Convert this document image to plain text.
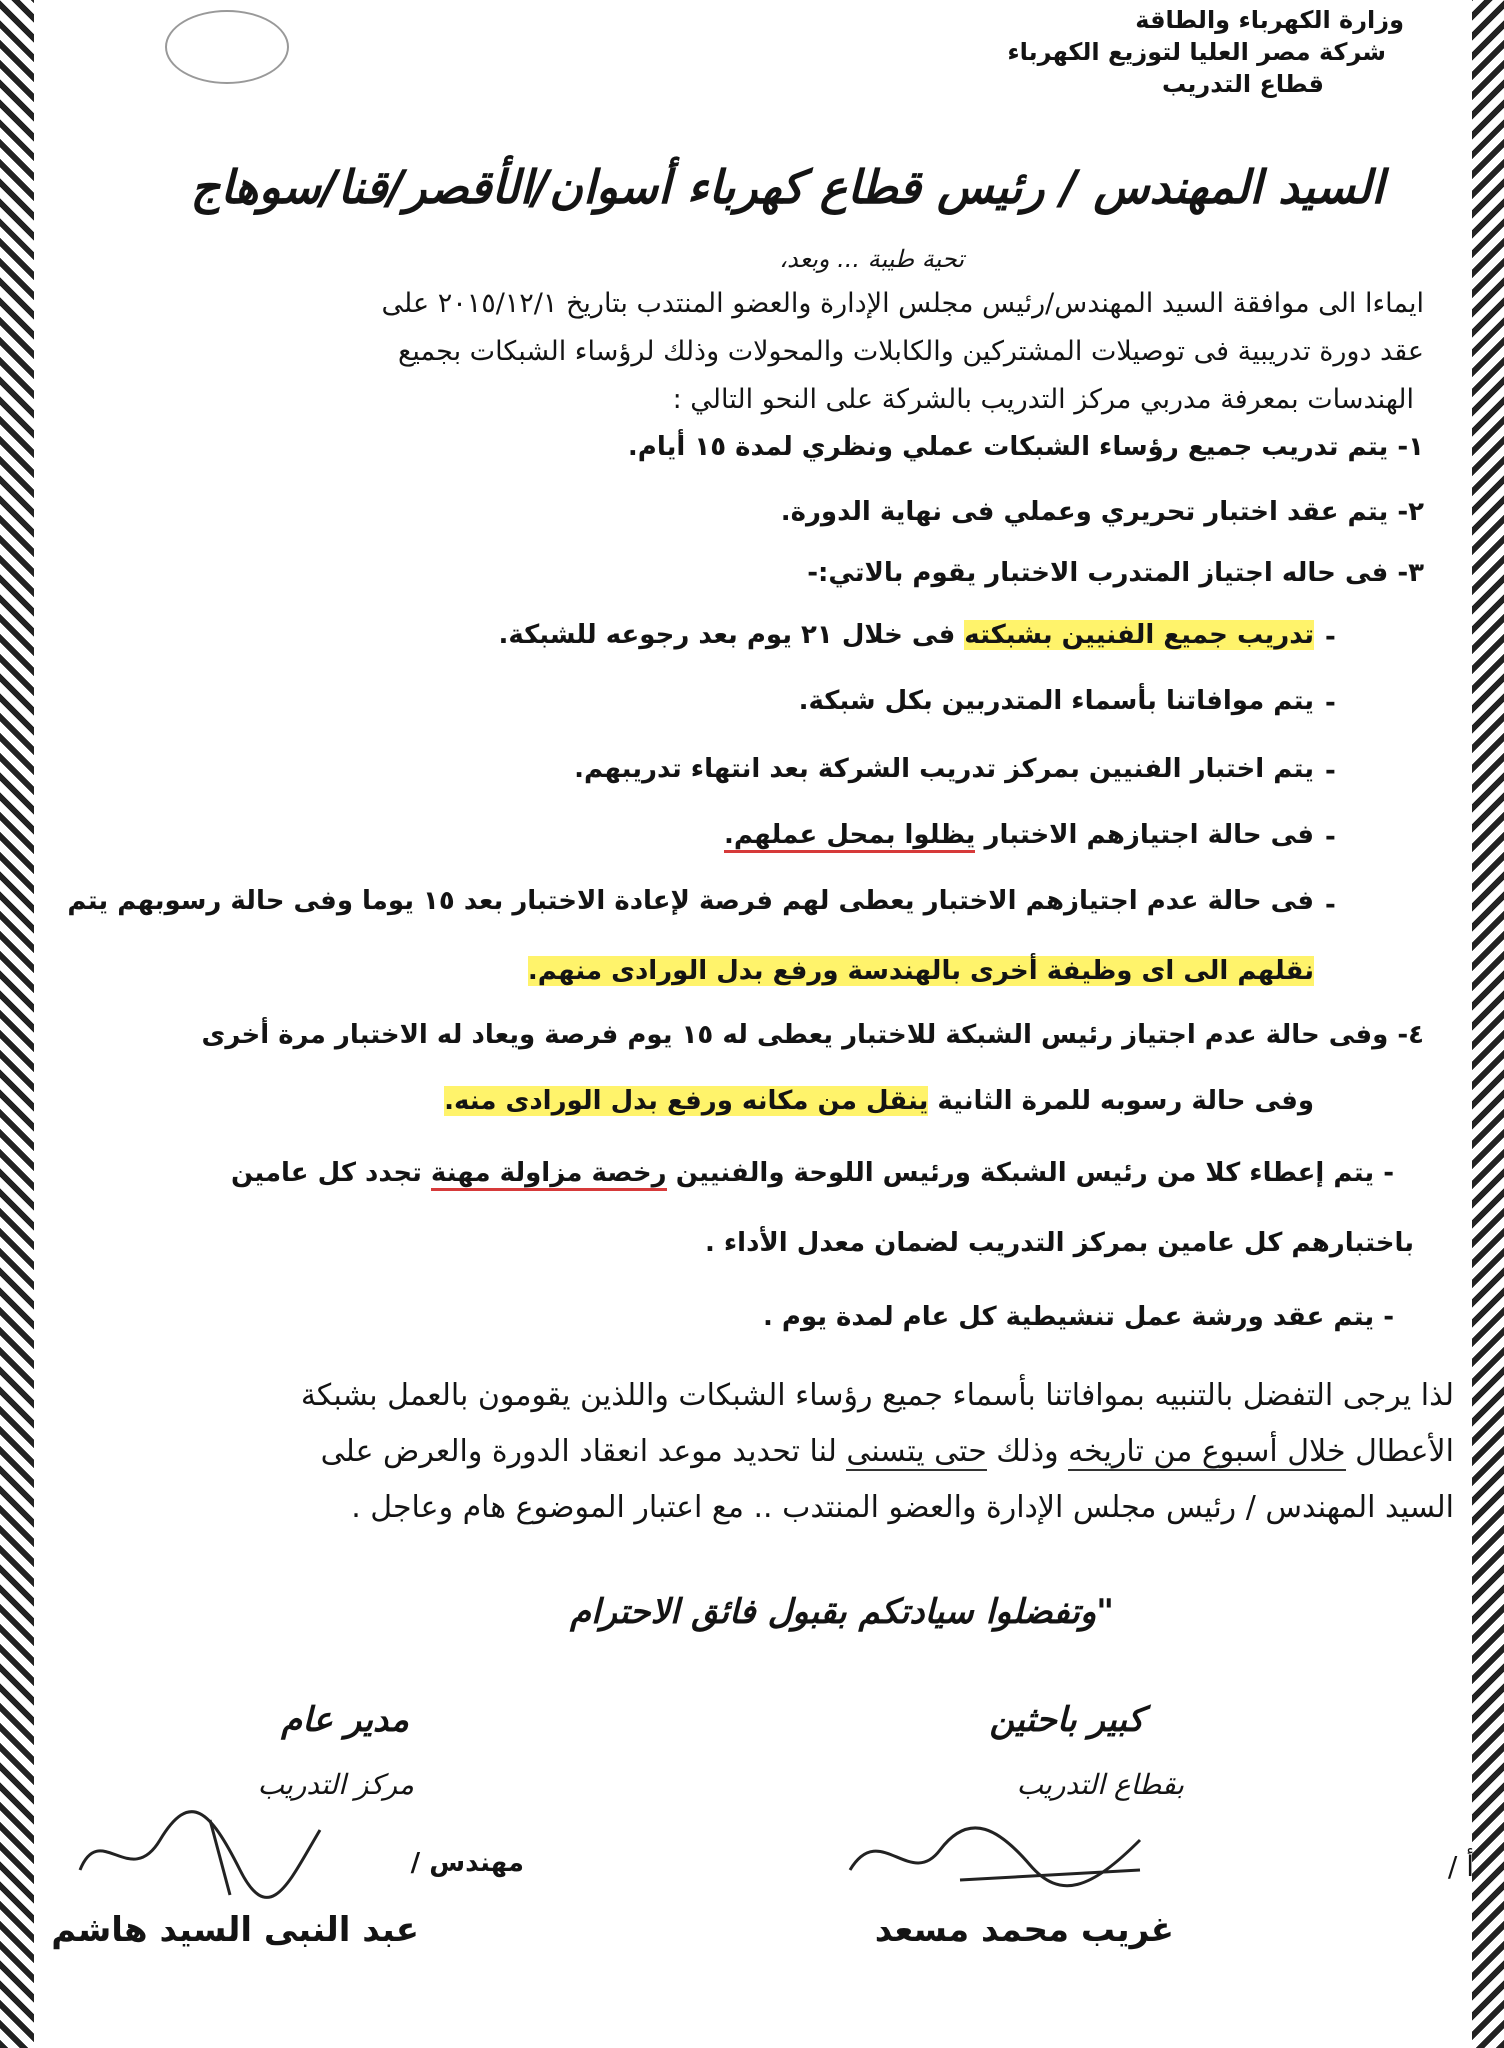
وزارة الكهرباء والطاقة
شركة مصر العليا لتوزيع الكهرباء
قطاع التدريب
السيد المهندس / رئيس قطاع كهرباء أسوان/الأقصر/قنا/سوهاج
تحية طيبة ... وبعد،
ايماءا الى موافقة السيد المهندس/رئيس مجلس الإدارة والعضو المنتدب بتاريخ ٢٠١٥/١٢/١ على
عقد دورة تدريبية فى توصيلات المشتركين والكابلات والمحولات وذلك لرؤساء الشبكات بجميع
الهندسات بمعرفة مدربي مركز التدريب بالشركة على النحو التالي :
١- يتم تدريب جميع رؤساء الشبكات عملي ونظري لمدة ١٥ أيام.
٢- يتم عقد اختبار تحريري وعملي فى نهاية الدورة.
٣- فى حاله اجتياز المتدرب الاختبار يقوم بالاتي:-
-
تدريب جميع الفنيين بشبكته فى خلال ٢١ يوم بعد رجوعه للشبكة.
-
يتم موافاتنا بأسماء المتدربين بكل شبكة.
-
يتم اختبار الفنيين بمركز تدريب الشركة بعد انتهاء تدريبهم.
-
فى حالة اجتيازهم الاختبار يظلوا بمحل عملهم.
-
فى حالة عدم اجتيازهم الاختبار يعطى لهم فرصة لإعادة الاختبار بعد ١٥ يوما وفى حالة رسوبهم يتم
نقلهم الى اى وظيفة أخرى بالهندسة ورفع بدل الورادى منهم.
٤- وفى حالة عدم اجتياز رئيس الشبكة للاختبار يعطى له ١٥ يوم فرصة ويعاد له الاختبار مرة أخرى
وفى حالة رسوبه للمرة الثانية ينقل من مكانه ورفع بدل الورادى منه.
- يتم إعطاء كلا من رئيس الشبكة ورئيس اللوحة والفنيين رخصة مزاولة مهنة تجدد كل عامين
باختبارهم كل عامين بمركز التدريب لضمان معدل الأداء .
- يتم عقد ورشة عمل تنشيطية كل عام لمدة يوم .
لذا يرجى التفضل بالتنبيه بموافاتنا بأسماء جميع رؤساء الشبكات واللذين يقومون بالعمل بشبكة
الأعطال خلال أسبوع من تاريخه وذلك حتى يتسنى لنا تحديد موعد انعقاد الدورة والعرض على
السيد المهندس / رئيس مجلس الإدارة والعضو المنتدب .. مع اعتبار الموضوع هام وعاجل .
"وتفضلوا سيادتكم بقبول فائق الاحترام
كبير باحثين
بقطاع التدريب
أ /
غريب محمد مسعد
مدير عام
مركز التدريب
مهندس /
عبد النبى السيد هاشم
